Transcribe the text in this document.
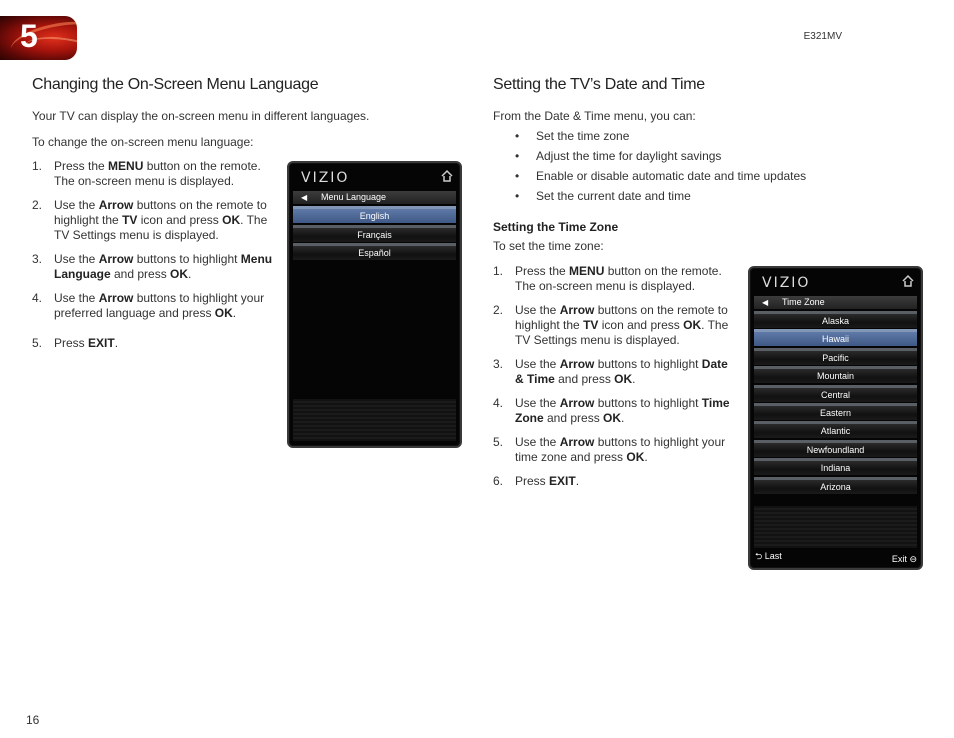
5	E321MV
Changing the On-Screen Menu Language
Your TV can display the on-screen menu in different languages.
To change the on-screen menu language:
1. Press the MENU button on the remote. The on-screen menu is displayed.
2. Use the Arrow buttons on the remote to highlight the TV icon and press OK. The TV Settings menu is displayed.
3. Use the Arrow buttons to highlight Menu Language and press OK.
4. Use the Arrow buttons to highlight your preferred language and press OK.
5. Press EXIT.
VIZIO
◀ Menu Language
English
Français
Español
Setting the TV’s Date and Time
From the Date & Time menu, you can:
• Set the time zone
• Adjust the time for daylight savings
• Enable or disable automatic date and time updates
• Set the current date and time
Setting the Time Zone
To set the time zone:
1. Press the MENU button on the remote. The on-screen menu is displayed.
2. Use the Arrow buttons on the remote to highlight the TV icon and press OK. The TV Settings menu is displayed.
3. Use the Arrow buttons to highlight Date & Time and press OK.
4. Use the Arrow buttons to highlight Time Zone and press OK.
5. Use the Arrow buttons to highlight your time zone and press OK.
6. Press EXIT.
VIZIO
◀ Time Zone
Alaska
Hawaii
Pacific
Mountain
Central
Eastern
Atlantic
Newfoundland
Indiana
Arizona
⮌ Last	Exit ⊖
16
